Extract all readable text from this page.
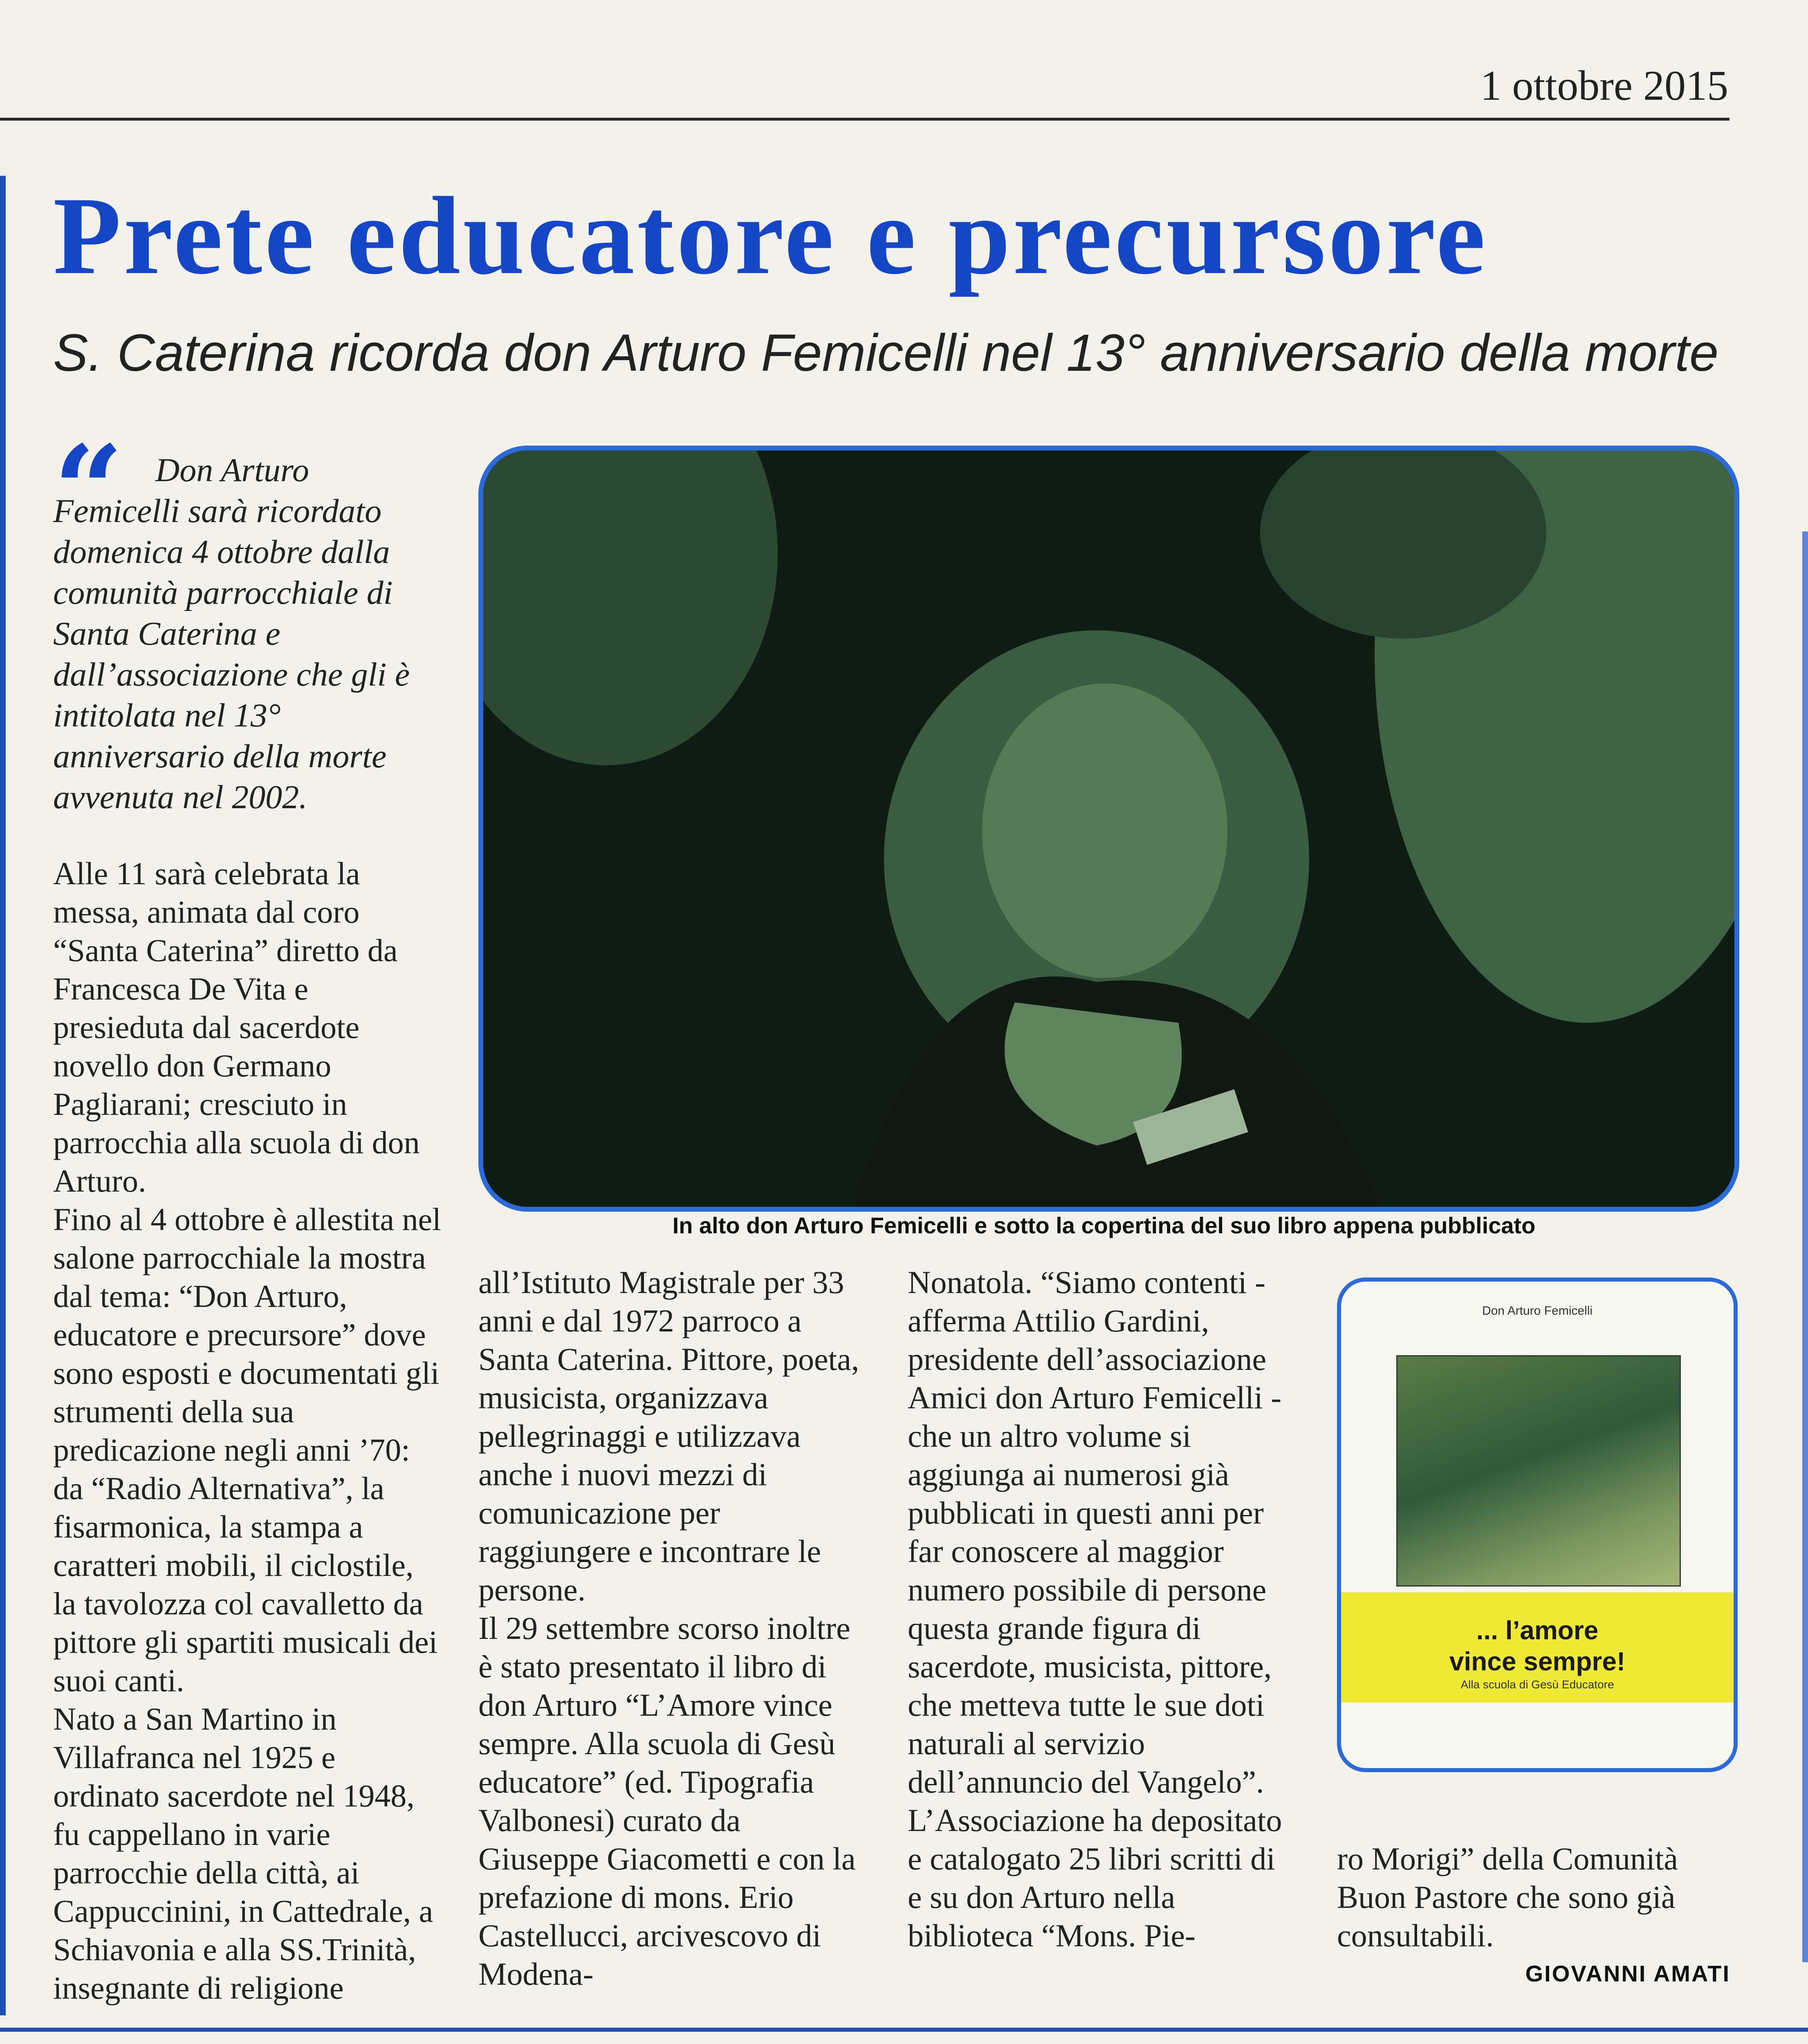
1 ottobre 2015
Prete educatore e precursore
S. Caterina ricorda don Arturo Femicelli nel 13° anniversario della morte
“ Don Arturo Femicelli sarà ricordato domenica 4 ottobre dalla comunità parrocchiale di Santa Caterina e dall’associazione che gli è intitolata nel 13° anniversario della morte avvenuta nel 2002.

Alle 11 sarà celebrata la messa, animata dal coro “Santa Caterina” diretto da Francesca De Vita e presieduta dal sacerdote novello don Germano Pagliarani; cresciuto in parrocchia alla scuola di don Arturo.

Fino al 4 ottobre è allestita nel salone parrocchiale la mostra dal tema: “Don Arturo, educatore e precursore” dove sono esposti e documentati gli strumenti della sua predicazione negli anni ’70: da “Radio Alternativa”, la fisarmonica, la stampa a caratteri mobili, il ciclostile, la tavolozza col cavalletto da pittore gli spartiti musicali dei suoi canti.

Nato a San Martino in Villafranca nel 1925 e ordinato sacerdote nel 1948, fu cappellano in varie parrocchie della città, ai Cappuccinini, in Cattedrale, a Schiavonia e alla SS.Trinità, insegnante di religione

In alto don Arturo Femicelli e sotto la copertina del suo libro appena pubblicato

all’Istituto Magistrale per 33 anni e dal 1972 parroco a Santa Caterina. Pittore, poeta, musicista, organizzava pellegrinaggi e utilizzava anche i nuovi mezzi di comunicazione per raggiungere e incontrare le persone.

Il 29 settembre scorso inoltre è stato presentato il libro di don Arturo “L’Amore vince sempre. Alla scuola di Gesù educatore” (ed. Tipografia Valbonesi) curato da Giuseppe Giacometti e con la prefazione di mons. Erio Castellucci, arcivescovo di Modena-

Nonatola. “Siamo contenti - afferma Attilio Gardini, presidente dell’associazione Amici don Arturo Femicelli - che un altro volume si aggiunga ai numerosi già pubblicati in questi anni per far conoscere al maggior numero possibile di persone questa grande figura di sacerdote, musicista, pittore, che metteva tutte le sue doti naturali al servizio dell’annuncio del Vangelo”.

L’Associazione ha depositato e catalogato 25 libri scritti di e su don Arturo nella biblioteca “Mons. Pie-

Don Arturo Femicelli
... l’amore
vince sempre!
Alla scuola di Gesù Educatore

ro Morigi” della Comunità Buon Pastore che sono già consultabili.

GIOVANNI AMATI
